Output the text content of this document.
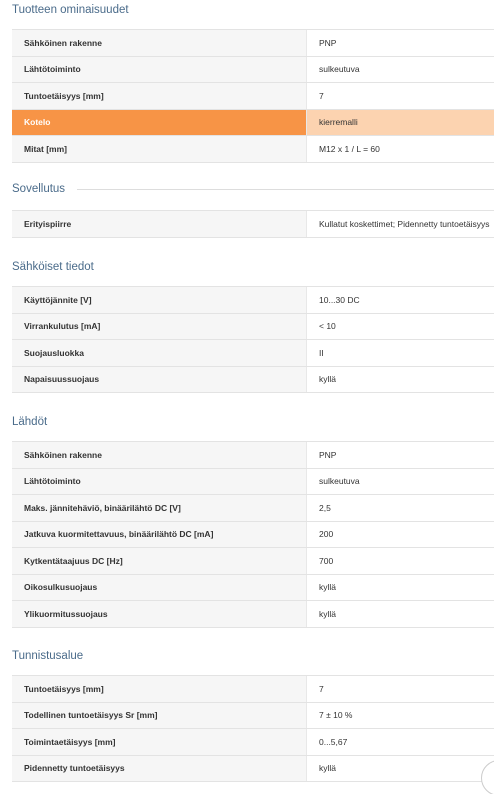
Tuotteen ominaisuudet
Sähköinen rakenne	PNP
Lähtötoiminto	sulkeutuva
Tuntoetäisyys [mm]	7
Kotelo	kierremalli
Mitat [mm]	M12 x 1 / L = 60
Sovellutus
Erityispiirre	Kullatut koskettimet; Pidennetty tuntoetäisyys
Sähköiset tiedot
Käyttöjännite [V]	10...30 DC
Virrankulutus [mA]	< 10
Suojausluokka	II
Napaisuussuojaus	kyllä
Lähdöt
Sähköinen rakenne	PNP
Lähtötoiminto	sulkeutuva
Maks. jännitehäviö, binäärilähtö DC [V]	2,5
Jatkuva kuormitettavuus, binäärilähtö DC [mA]	200
Kytkentätaajuus DC [Hz]	700
Oikosulkusuojaus	kyllä
Ylikuormitussuojaus	kyllä
Tunnistusalue
Tuntoetäisyys [mm]	7
Todellinen tuntoetäisyys Sr [mm]	7 ± 10 %
Toimintaetäisyys [mm]	0...5,67
Pidennetty tuntoetäisyys	kyllä
